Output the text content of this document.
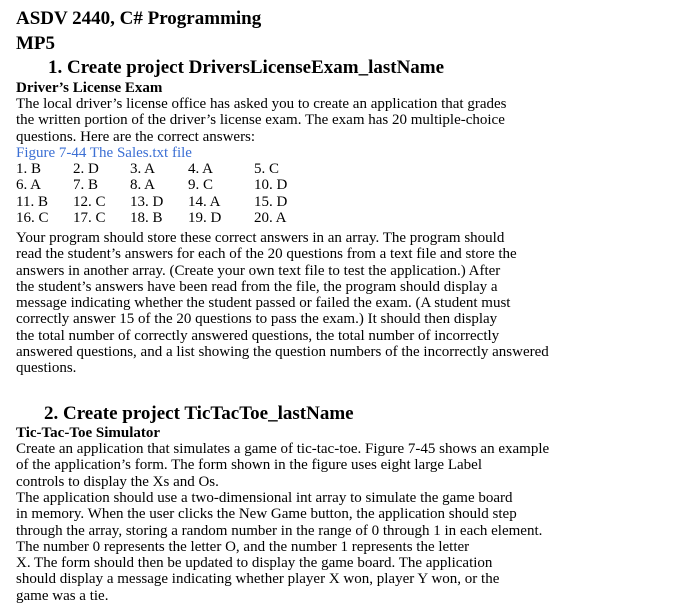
ASDV 2440, C# Programming
MP5
1. Create project DriversLicenseExam_lastName
Driver’s License Exam

The local driver’s license office has asked you to create an application that grades
the written portion of the driver’s license exam. The exam has 20 multiple-choice
questions. Here are the correct answers:

Figure 7-44 The Sales.txt file

1. B	2. D	3. A	4. A	5. C
6. A	7. B	8. A	9. C	10. D
11. B	12. C	13. D	14. A	15. D
16. C	17. C	18. B	19. D	20. A

Your program should store these correct answers in an array. The program should
read the student’s answers for each of the 20 questions from a text file and store the
answers in another array. (Create your own text file to test the application.) After
the student’s answers have been read from the file, the program should display a
message indicating whether the student passed or failed the exam. (A student must
correctly answer 15 of the 20 questions to pass the exam.) It should then display
the total number of correctly answered questions, the total number of incorrectly
answered questions, and a list showing the question numbers of the incorrectly answered
questions.

2. Create project TicTacToe_lastName
Tic-Tac-Toe Simulator

Create an application that simulates a game of tic-tac-toe. Figure 7-45 shows an example
of the application’s form. The form shown in the figure uses eight large Label
controls to display the Xs and Os.

The application should use a two-dimensional int array to simulate the game board
in memory. When the user clicks the New Game button, the application should step
through the array, storing a random number in the range of 0 through 1 in each element.
The number 0 represents the letter O, and the number 1 represents the letter
X. The form should then be updated to display the game board. The application
should display a message indicating whether player X won, player Y won, or the
game was a tie.
